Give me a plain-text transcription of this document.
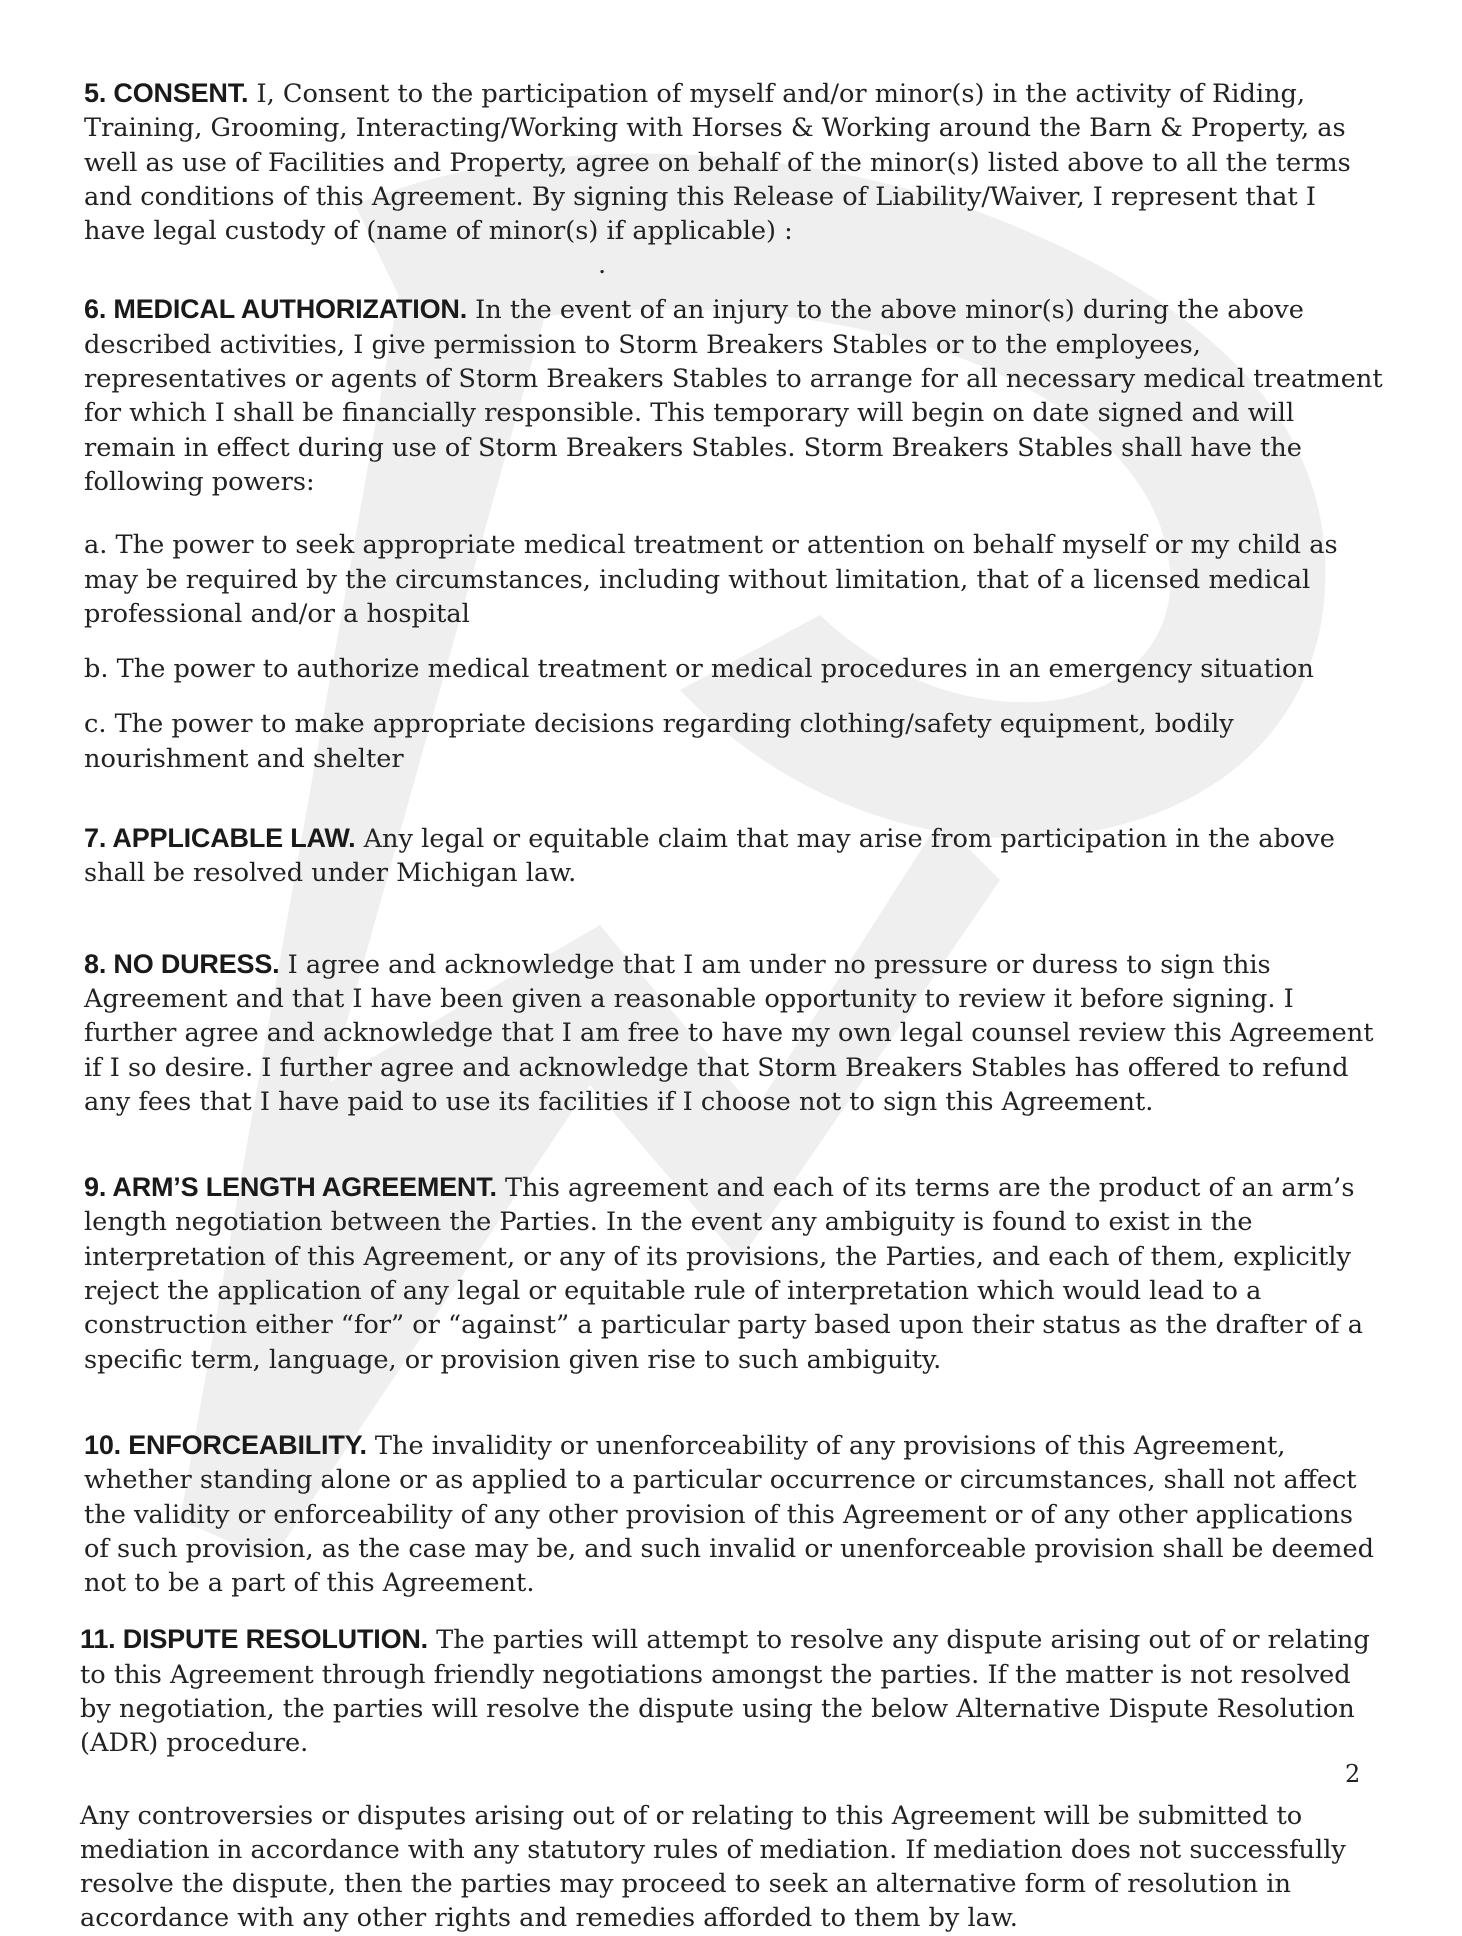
5. CONSENT. I, Consent to the participation of myself and/or minor(s) in the activity of Riding, Training, Grooming, Interacting/Working with Horses & Working around the Barn & Property, as well as use of Facilities and Property, agree on behalf of the minor(s) listed above to all the terms and conditions of this Agreement. By signing this Release of Liability/Waiver, I represent that I have legal custody of (name of minor(s) if applicable) :
.
6. MEDICAL AUTHORIZATION. In the event of an injury to the above minor(s) during the above described activities, I give permission to Storm Breakers Stables or to the employees, representatives or agents of Storm Breakers Stables to arrange for all necessary medical treatment for which I shall be financially responsible. This temporary will begin on date signed and will remain in effect during use of Storm Breakers Stables. Storm Breakers Stables shall have the following powers:
a. The power to seek appropriate medical treatment or attention on behalf myself or my child as may be required by the circumstances, including without limitation, that of a licensed medical professional and/or a hospital
b. The power to authorize medical treatment or medical procedures in an emergency situation
c. The power to make appropriate decisions regarding clothing/safety equipment, bodily nourishment and shelter
7. APPLICABLE LAW. Any legal or equitable claim that may arise from participation in the above shall be resolved under Michigan law.
8. NO DURESS. I agree and acknowledge that I am under no pressure or duress to sign this Agreement and that I have been given a reasonable opportunity to review it before signing. I further agree and acknowledge that I am free to have my own legal counsel review this Agreement if I so desire. I further agree and acknowledge that Storm Breakers Stables has offered to refund any fees that I have paid to use its facilities if I choose not to sign this Agreement.
9. ARM’S LENGTH AGREEMENT. This agreement and each of its terms are the product of an arm’s length negotiation between the Parties. In the event any ambiguity is found to exist in the interpretation of this Agreement, or any of its provisions, the Parties, and each of them, explicitly reject the application of any legal or equitable rule of interpretation which would lead to a construction either “for” or “against” a particular party based upon their status as the drafter of a specific term, language, or provision given rise to such ambiguity.
10. ENFORCEABILITY. The invalidity or unenforceability of any provisions of this Agreement, whether standing alone or as applied to a particular occurrence or circumstances, shall not affect the validity or enforceability of any other provision of this Agreement or of any other applications of such provision, as the case may be, and such invalid or unenforceable provision shall be deemed not to be a part of this Agreement.
11. DISPUTE RESOLUTION. The parties will attempt to resolve any dispute arising out of or relating to this Agreement through friendly negotiations amongst the parties. If the matter is not resolved by negotiation, the parties will resolve the dispute using the below Alternative Dispute Resolution (ADR) procedure.
Any controversies or disputes arising out of or relating to this Agreement will be submitted to mediation in accordance with any statutory rules of mediation. If mediation does not successfully resolve the dispute, then the parties may proceed to seek an alternative form of resolution in accordance with any other rights and remedies afforded to them by law.
2
